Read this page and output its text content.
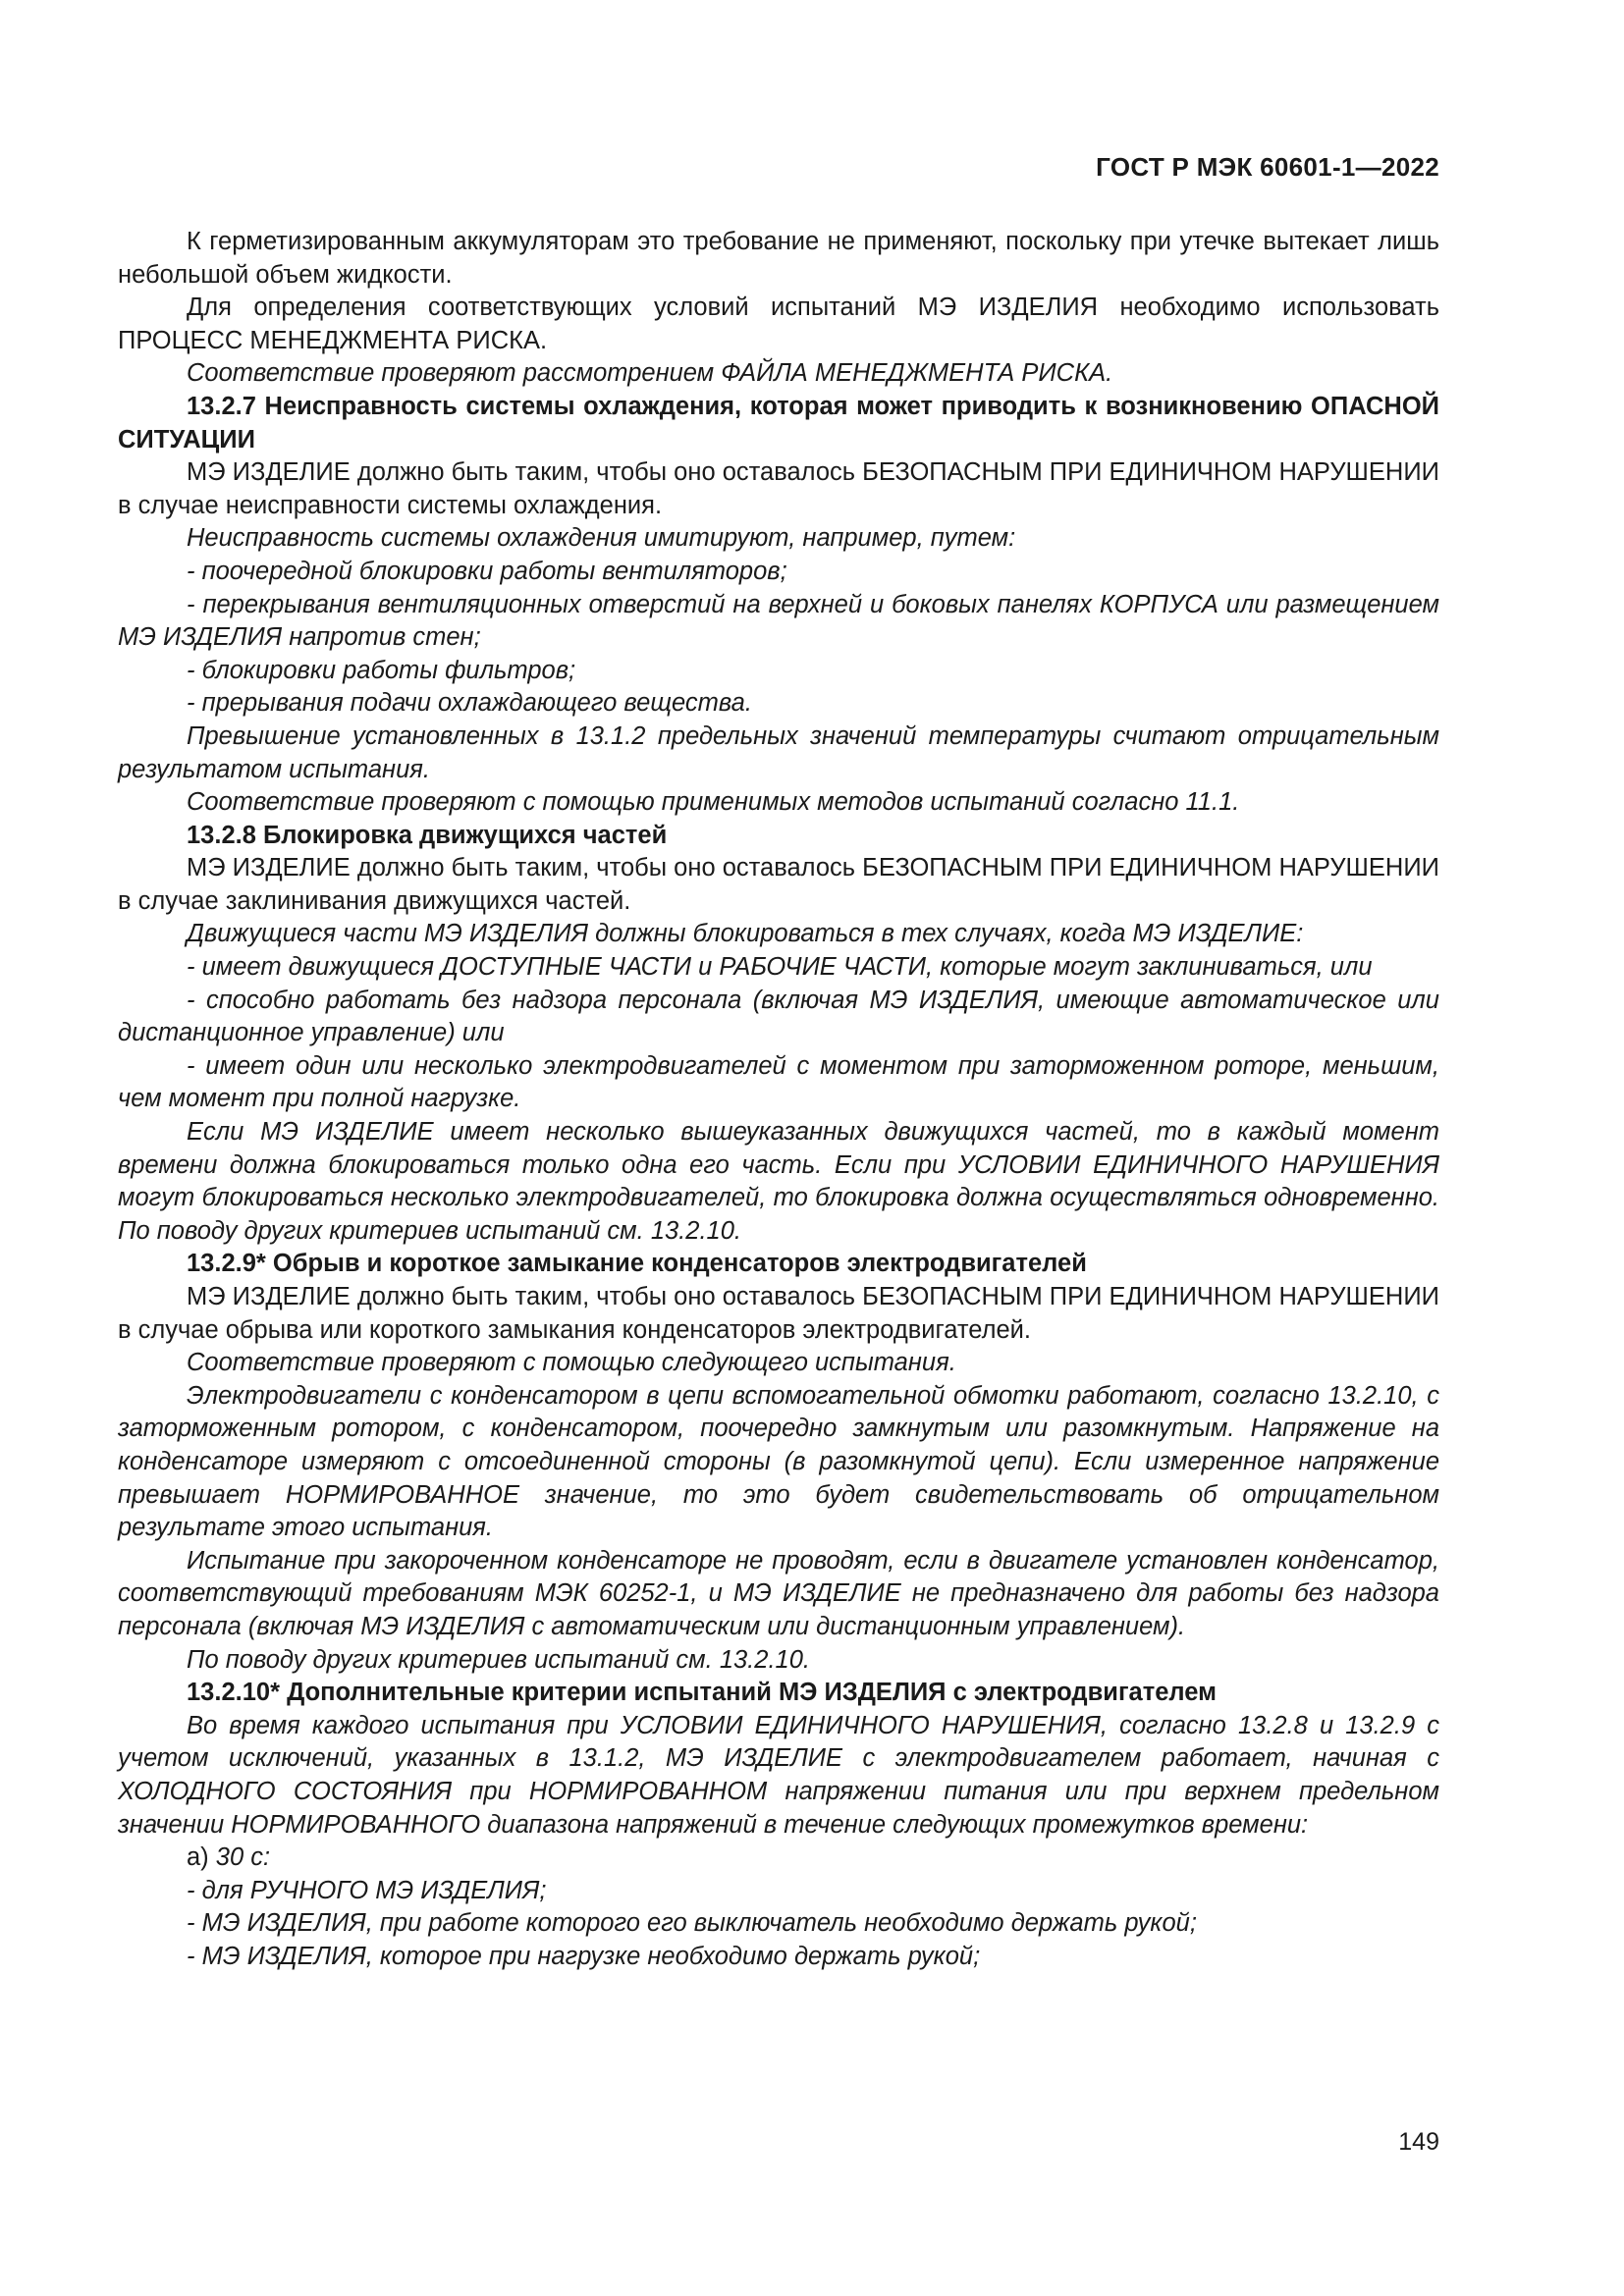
ГОСТ Р МЭК 60601-1—2022

К герметизированным аккумуляторам это требование не применяют, поскольку при утечке вытекает лишь небольшой объем жидкости.

Для определения соответствующих условий испытаний МЭ ИЗДЕЛИЯ необходимо использовать ПРОЦЕСС МЕНЕДЖМЕНТА РИСКА.

Соответствие проверяют рассмотрением ФАЙЛА МЕНЕДЖМЕНТА РИСКА.

13.2.7 Неисправность системы охлаждения, которая может приводить к возникновению ОПАСНОЙ СИТУАЦИИ

МЭ ИЗДЕЛИЕ должно быть таким, чтобы оно оставалось БЕЗОПАСНЫМ ПРИ ЕДИНИЧНОМ НАРУШЕНИИ в случае неисправности системы охлаждения.

Неисправность системы охлаждения имитируют, например, путем:

- поочередной блокировки работы вентиляторов;

- перекрывания вентиляционных отверстий на верхней и боковых панелях КОРПУСА или размещением МЭ ИЗДЕЛИЯ напротив стен;

- блокировки работы фильтров;

- прерывания подачи охлаждающего вещества.

Превышение установленных в 13.1.2 предельных значений температуры считают отрицательным результатом испытания.

Соответствие проверяют с помощью применимых методов испытаний согласно 11.1.

13.2.8 Блокировка движущихся частей

МЭ ИЗДЕЛИЕ должно быть таким, чтобы оно оставалось БЕЗОПАСНЫМ ПРИ ЕДИНИЧНОМ НАРУШЕНИИ в случае заклинивания движущихся частей.

Движущиеся части МЭ ИЗДЕЛИЯ должны блокироваться в тех случаях, когда МЭ ИЗДЕЛИЕ:

- имеет движущиеся ДОСТУПНЫЕ ЧАСТИ и РАБОЧИЕ ЧАСТИ, которые могут заклиниваться, или

- способно работать без надзора персонала (включая МЭ ИЗДЕЛИЯ, имеющие автоматическое или дистанционное управление) или

- имеет один или несколько электродвигателей с моментом при заторможенном роторе, меньшим, чем момент при полной нагрузке.

Если МЭ ИЗДЕЛИЕ имеет несколько вышеуказанных движущихся частей, то в каждый момент времени должна блокироваться только одна его часть. Если при УСЛОВИИ ЕДИНИЧНОГО НАРУШЕНИЯ могут блокироваться несколько электродвигателей, то блокировка должна осуществляться одновременно. По поводу других критериев испытаний см. 13.2.10.

13.2.9* Обрыв и короткое замыкание конденсаторов электродвигателей

МЭ ИЗДЕЛИЕ должно быть таким, чтобы оно оставалось БЕЗОПАСНЫМ ПРИ ЕДИНИЧНОМ НАРУШЕНИИ в случае обрыва или короткого замыкания конденсаторов электродвигателей.

Соответствие проверяют с помощью следующего испытания.

Электродвигатели с конденсатором в цепи вспомогательной обмотки работают, согласно 13.2.10, с заторможенным ротором, с конденсатором, поочередно замкнутым или разомкнутым. Напряжение на конденсаторе измеряют с отсоединенной стороны (в разомкнутой цепи). Если измеренное напряжение превышает НОРМИРОВАННОЕ значение, то это будет свидетельствовать об отрицательном результате этого испытания.

Испытание при закороченном конденсаторе не проводят, если в двигателе установлен конденсатор, соответствующий требованиям МЭК 60252-1, и МЭ ИЗДЕЛИЕ не предназначено для работы без надзора персонала (включая МЭ ИЗДЕЛИЯ с автоматическим или дистанционным управлением).

По поводу других критериев испытаний см. 13.2.10.

13.2.10* Дополнительные критерии испытаний МЭ ИЗДЕЛИЯ с электродвигателем

Во время каждого испытания при УСЛОВИИ ЕДИНИЧНОГО НАРУШЕНИЯ, согласно 13.2.8 и 13.2.9 с учетом исключений, указанных в 13.1.2, МЭ ИЗДЕЛИЕ с электродвигателем работает, начиная с ХОЛОДНОГО СОСТОЯНИЯ при НОРМИРОВАННОМ напряжении питания или при верхнем предельном значении НОРМИРОВАННОГО диапазона напряжений в течение следующих промежутков времени:

а) 30 с:

- для РУЧНОГО МЭ ИЗДЕЛИЯ;

- МЭ ИЗДЕЛИЯ, при работе которого его выключатель необходимо держать рукой;

- МЭ ИЗДЕЛИЯ, которое при нагрузке необходимо держать рукой;

149
